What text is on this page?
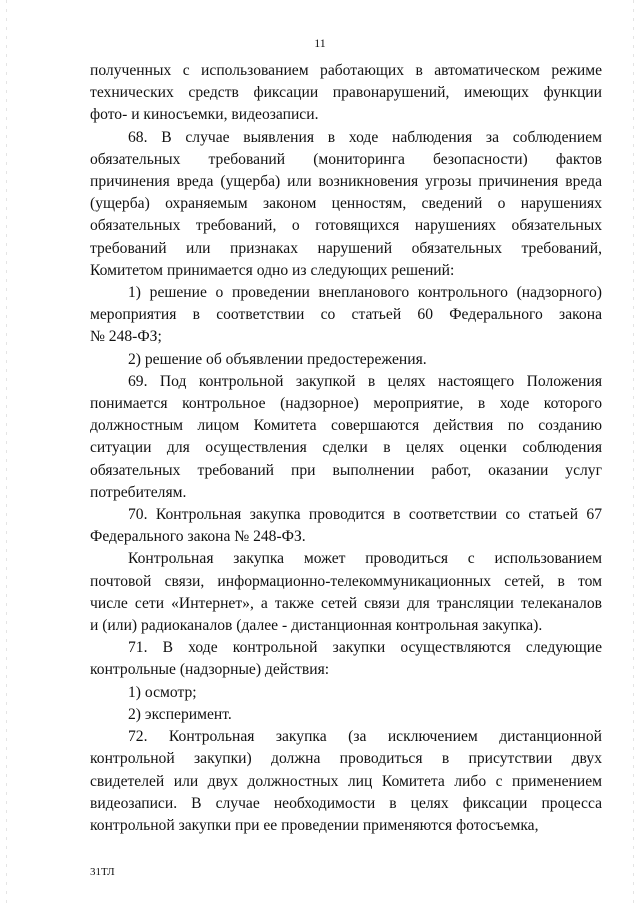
11
полученных с использованием работающих в автоматическом режиме
технических средств фиксации правонарушений, имеющих функции
фото- и киносъемки, видеозаписи.
68. В случае выявления в ходе наблюдения за соблюдением
обязательных требований (мониторинга безопасности) фактов
причинения вреда (ущерба) или возникновения угрозы причинения вреда
(ущерба) охраняемым законом ценностям, сведений о нарушениях
обязательных требований, о готовящихся нарушениях обязательных
требований или признаках нарушений обязательных требований,
Комитетом принимается одно из следующих решений:
1) решение о проведении внепланового контрольного (надзорного)
мероприятия в соответствии со статьей 60 Федерального закона
№ 248-ФЗ;
2) решение об объявлении предостережения.
69. Под контрольной закупкой в целях настоящего Положения
понимается контрольное (надзорное) мероприятие, в ходе которого
должностным лицом Комитета совершаются действия по созданию
ситуации для осуществления сделки в целях оценки соблюдения
обязательных требований при выполнении работ, оказании услуг
потребителям.
70. Контрольная закупка проводится в соответствии со статьей 67
Федерального закона № 248-ФЗ.
Контрольная закупка может проводиться с использованием
почтовой связи, информационно-телекоммуникационных сетей, в том
числе сети «Интернет», а также сетей связи для трансляции телеканалов
и (или) радиоканалов (далее - дистанционная контрольная закупка).
71. В ходе контрольной закупки осуществляются следующие
контрольные (надзорные) действия:
1) осмотр;
2) эксперимент.
72. Контрольная закупка (за исключением дистанционной
контрольной закупки) должна проводиться в присутствии двух
свидетелей или двух должностных лиц Комитета либо с применением
видеозаписи. В случае необходимости в целях фиксации процесса
контрольной закупки при ее проведении применяются фотосъемка,
31ТЛ
